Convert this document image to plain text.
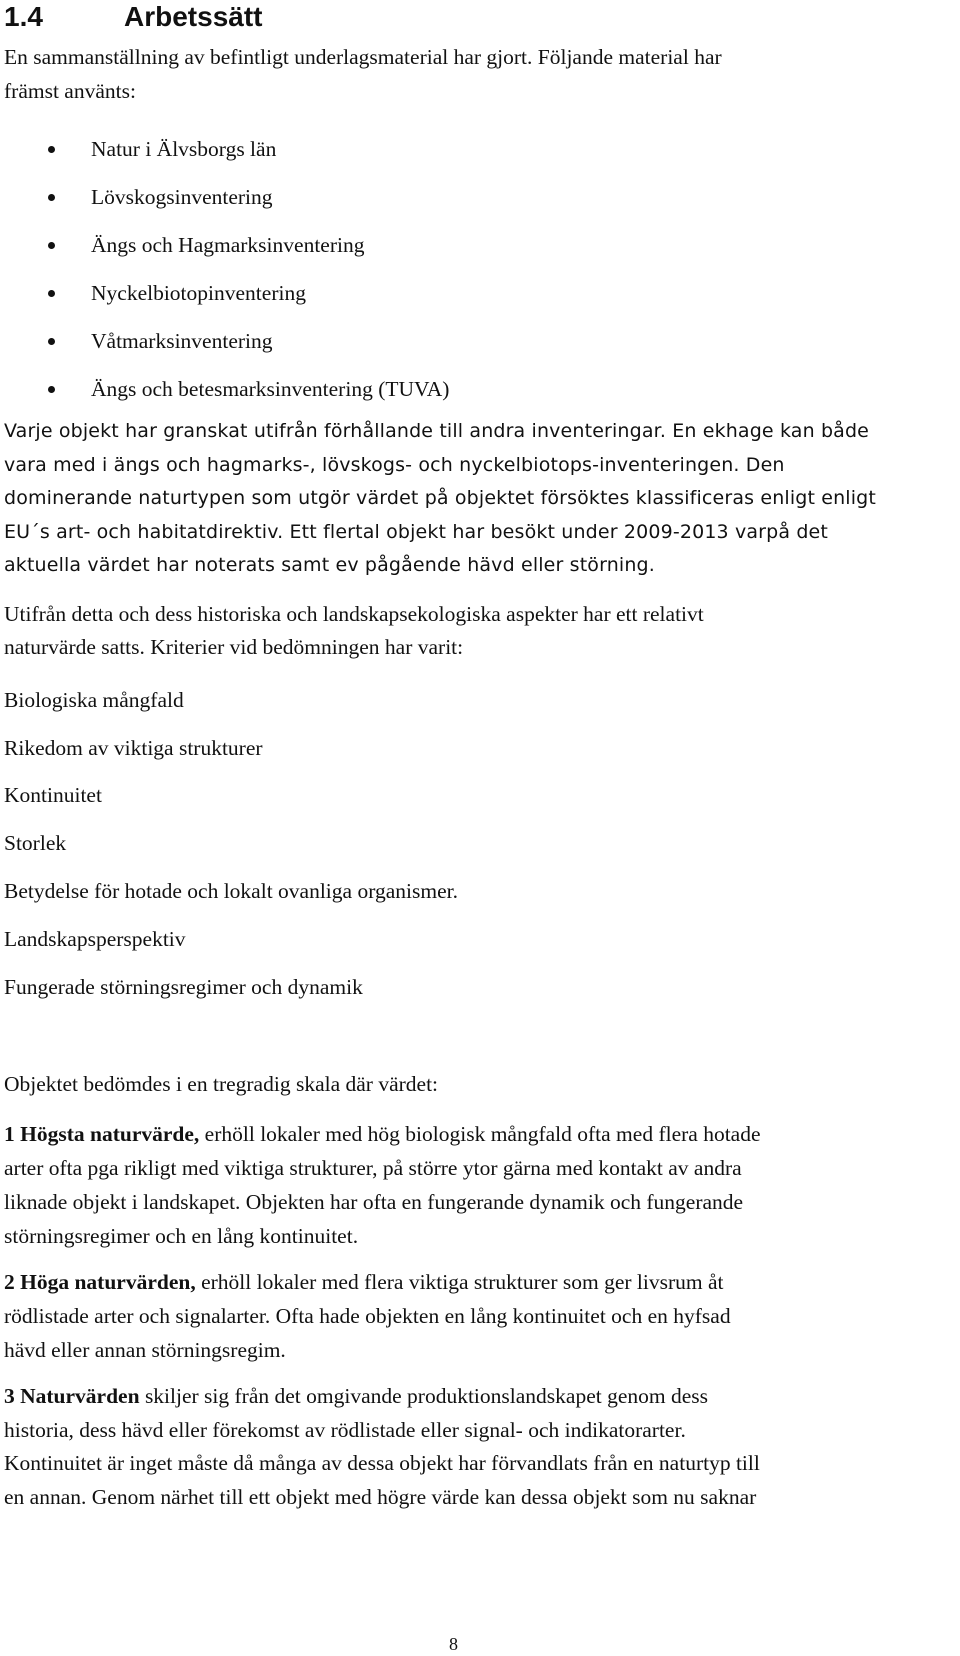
1.4	Arbetssätt
En sammanställning av befintligt underlagsmaterial har gjort. Följande material har
främst använts:
Natur i Älvsborgs län
Lövskogsinventering
Ängs och Hagmarksinventering
Nyckelbiotopinventering
Våtmarksinventering
Ängs och betesmarksinventering (TUVA)
Varje objekt har granskat utifrån förhållande till andra inventeringar. En ekhage kan både
vara med i ängs och hagmarks-, lövskogs- och nyckelbiotops-inventeringen. Den
dominerande naturtypen som utgör värdet på objektet försöktes klassificeras enligt enligt
EU´s art- och habitatdirektiv. Ett flertal objekt har besökt under 2009-2013 varpå det
aktuella värdet har noterats samt ev pågående hävd eller störning.
Utifrån detta och dess historiska och landskapsekologiska aspekter har ett relativt
naturvärde satts. Kriterier vid bedömningen har varit:
Biologiska mångfald
Rikedom av viktiga strukturer
Kontinuitet
Storlek
Betydelse för hotade och lokalt ovanliga organismer.
Landskapsperspektiv
Fungerade störningsregimer och dynamik
Objektet bedömdes i en tregradig skala där värdet:
1 Högsta naturvärde, erhöll lokaler med hög biologisk mångfald ofta med flera hotade
arter ofta pga rikligt med viktiga strukturer, på större ytor gärna med kontakt av andra
liknade objekt i landskapet. Objekten har ofta en fungerande dynamik och fungerande
störningsregimer och en lång kontinuitet.
2 Höga naturvärden, erhöll lokaler med flera viktiga strukturer som ger livsrum åt
rödlistade arter och signalarter. Ofta hade objekten en lång kontinuitet och en hyfsad
hävd eller annan störningsregim.
3 Naturvärden skiljer sig från det omgivande produktionslandskapet genom dess
historia, dess hävd eller förekomst av rödlistade eller signal- och indikatorarter.
Kontinuitet är inget måste då många av dessa objekt har förvandlats från en naturtyp till
en annan. Genom närhet till ett objekt med högre värde kan dessa objekt som nu saknar
8
